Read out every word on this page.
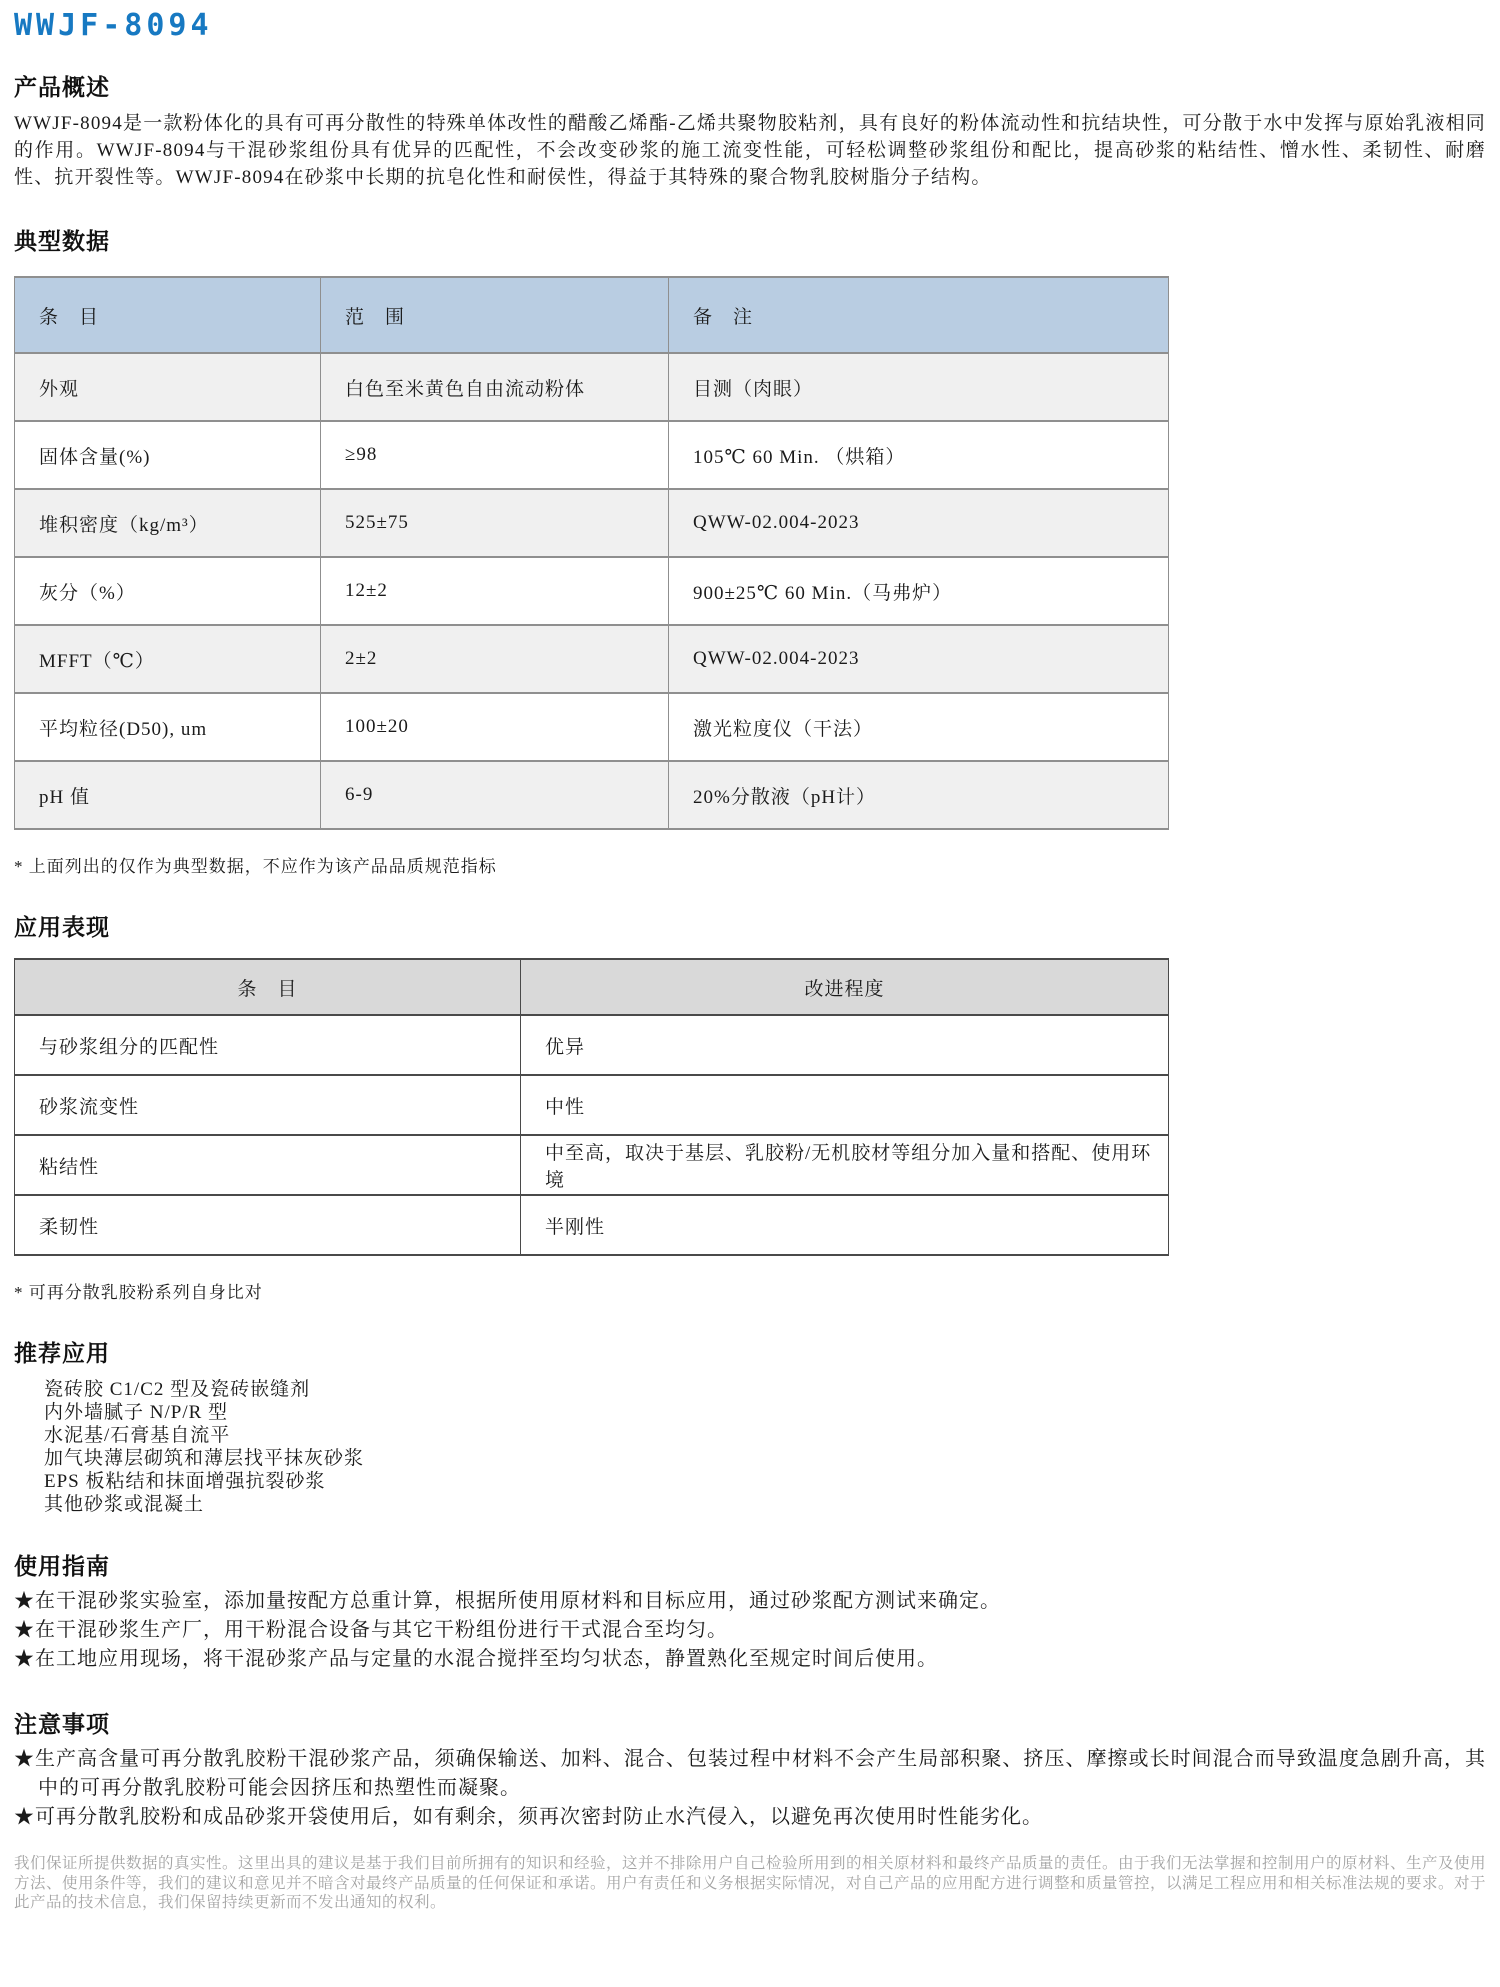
WWJF-8094
产品概述

WWJF-8094是一款粉体化的具有可再分散性的特殊单体改性的醋酸乙烯酯-乙烯共聚物胶粘剂，具有良好的粉体流动性和抗结块性，可分散于水中发挥与原始乳液相同的作用。WWJF-8094与干混砂浆组份具有优异的匹配性，不会改变砂浆的施工流变性能，可轻松调整砂浆组份和配比，提高砂浆的粘结性、憎水性、柔韧性、耐磨性、抗开裂性等。WWJF-8094在砂浆中长期的抗皂化性和耐侯性，得益于其特殊的聚合物乳胶树脂分子结构。

典型数据
条　目	范　围	备　注
外观	白色至米黄色自由流动粉体	目测（肉眼）
固体含量(%)	≥98	105℃ 60 Min. （烘箱）
堆积密度（kg/m³）	525±75	QWW-02.004-2023
灰分（%）	12±2	900±25℃ 60 Min.（马弗炉）
MFFT（℃）	2±2	QWW-02.004-2023
平均粒径(D50), um	100±20	激光粒度仪（干法）
pH 值	6-9	20%分散液（pH计）

* 上面列出的仅作为典型数据，不应作为该产品品质规范指标

应用表现
条　目	改进程度
与砂浆组分的匹配性	优异
砂浆流变性	中性
粘结性	中至高，取决于基层、乳胶粉/无机胶材等组分加入量和搭配、使用环境
柔韧性	半刚性

* 可再分散乳胶粉系列自身比对

推荐应用
瓷砖胶 C1/C2 型及瓷砖嵌缝剂
内外墙腻子 N/P/R 型
水泥基/石膏基自流平
加气块薄层砌筑和薄层找平抹灰砂浆
EPS 板粘结和抹面增强抗裂砂浆
其他砂浆或混凝土
使用指南

★在干混砂浆实验室，添加量按配方总重计算，根据所使用原材料和目标应用，通过砂浆配方测试来确定。

★在干混砂浆生产厂，用干粉混合设备与其它干粉组份进行干式混合至均匀。

★在工地应用现场，将干混砂浆产品与定量的水混合搅拌至均匀状态，静置熟化至规定时间后使用。

注意事项

★生产高含量可再分散乳胶粉干混砂浆产品，须确保输送、加料、混合、包装过程中材料不会产生局部积聚、挤压、摩擦或长时间混合而导致温度急剧升高，其中的可再分散乳胶粉可能会因挤压和热塑性而凝聚。

★可再分散乳胶粉和成品砂浆开袋使用后，如有剩余，须再次密封防止水汽侵入，以避免再次使用时性能劣化。

我们保证所提供数据的真实性。这里出具的建议是基于我们目前所拥有的知识和经验，这并不排除用户自己检验所用到的相关原材料和最终产品质量的责任。由于我们无法掌握和控制用户的原材料、生产及使用方法、使用条件等，我们的建议和意见并不暗含对最终产品质量的任何保证和承诺。用户有责任和义务根据实际情况，对自己产品的应用配方进行调整和质量管控，以满足工程应用和相关标准法规的要求。对于此产品的技术信息，我们保留持续更新而不发出通知的权利。
